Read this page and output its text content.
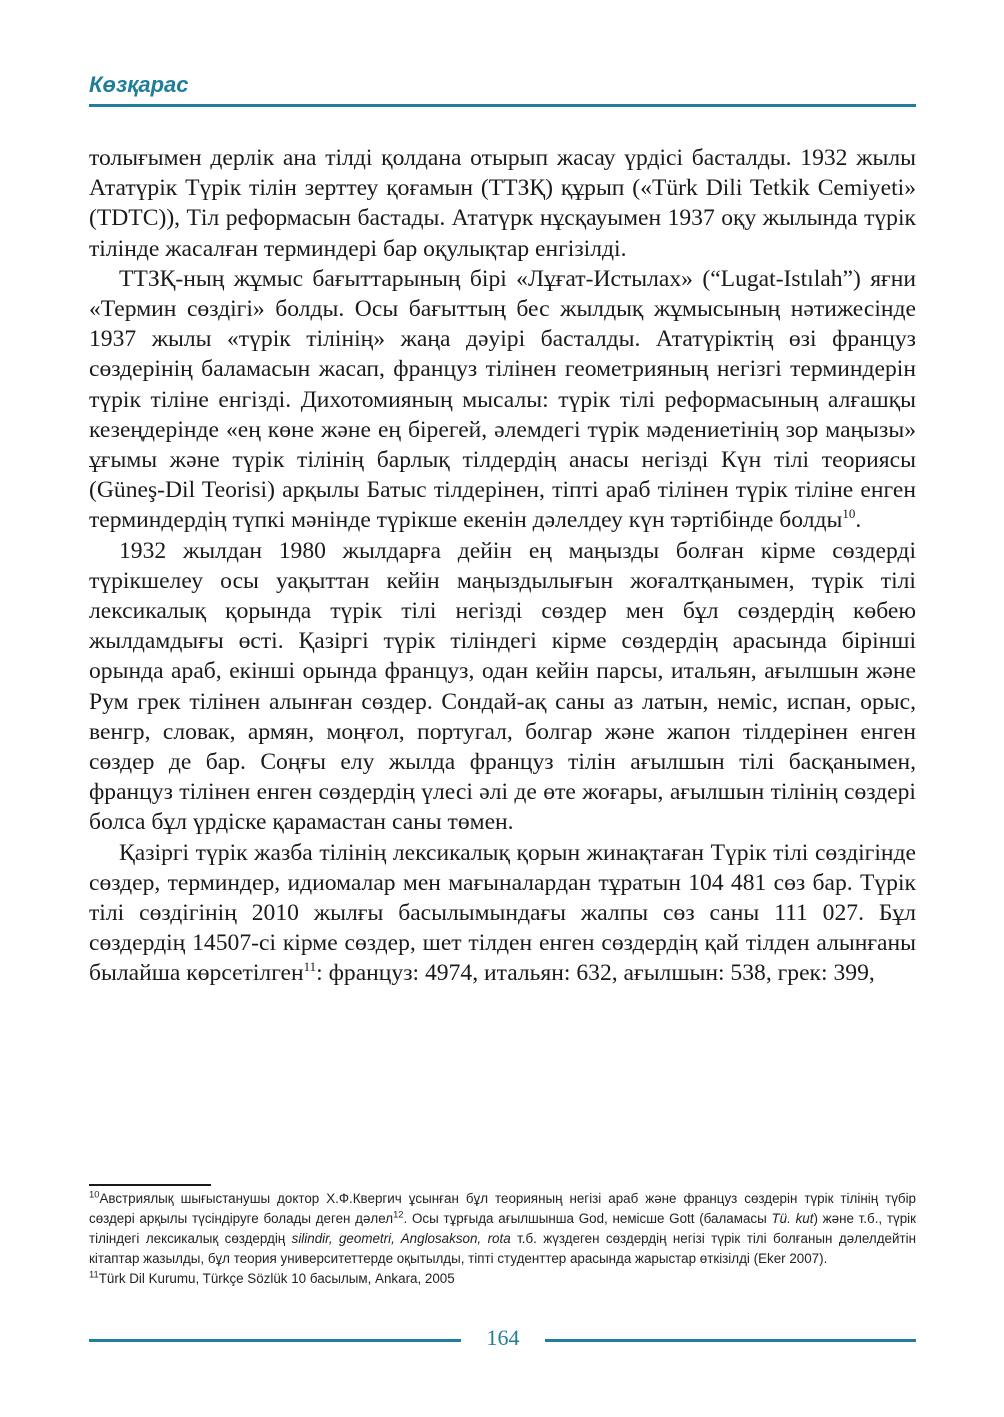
Көзқарас

толығымен дерлік ана тілді қолдана отырып жасау үрдісі басталды. 1932 жылы Ататүрік Түрік тілін зерттеу қоғамын (ТТЗҚ) құрып («Türk Dili Tetkik Cemiyeti» (TDTC)), Тіл реформасын бастады. Ататүрк нұсқауымен 1937 оқу жылында түрік тілінде жасалған терминдері бар оқулықтар енгізілді.

ТТЗҚ-ның жұмыс бағыттарының бірі «Лұғат-Истылах» (“Lugat-Istılah”) яғни «Термин сөздігі» болды. Осы бағыттың бес жылдық жұмысының нәтижесінде 1937 жылы «түрік тілінің» жаңа дәуірі басталды. Ататүріктің өзі француз сөздерінің баламасын жасап, француз тілінен геометрияның негізгі терминдерін түрік тіліне енгізді. Дихотомияның мысалы: түрік тілі реформасының алғашқы кезеңдерінде «ең көне және ең бірегей, әлемдегі түрік мәдениетінің зор маңызы» ұғымы және түрік тілінің барлық тілдердің анасы негізді Күн тілі теориясы (Güneş-Dil Teorisi) арқылы Батыс тілдерінен, тіпті араб тілінен түрік тіліне енген терминдердің түпкі мәнінде түрікше екенін дәлелдеу күн тәртібінде болды$^{10}$.

1932 жылдан 1980 жылдарға дейін ең маңызды болған кірме сөздерді түрікшелеу осы уақыттан кейін маңыздылығын жоғалтқанымен, түрік тілі лексикалық қорында түрік тілі негізді сөздер мен бұл сөздердің көбею жылдамдығы өсті. Қазіргі түрік тіліндегі кірме сөздердің арасында бірінші орында араб, екінші орында француз, одан кейін парсы, итальян, ағылшын және Рум грек тілінен алынған сөздер. Сондай-ақ саны аз латын, неміс, испан, орыс, венгр, словак, армян, моңғол, португал, болгар және жапон тілдерінен енген сөздер де бар. Соңғы елу жылда француз тілін ағылшын тілі басқанымен, француз тілінен енген сөздердің үлесі әлі де өте жоғары, ағылшын тілінің сөздері болса бұл үрдіске қарамастан саны төмен.

Қазіргі түрік жазба тілінің лексикалық қорын жинақтаған Түрік тілі сөздігінде сөздер, терминдер, идиомалар мен мағыналардан тұратын 104 481 сөз бар. Түрік тілі сөздігінің 2010 жылғы басылымындағы жалпы сөз саны 111 027. Бұл сөздердің 14507-сі кірме сөздер, шет тілден енген сөздердің қай тілден алынғаны былайша көрсетілген$^{11}$: француз: 4974, итальян: 632, ағылшын: 538, грек: 399,

$^{10}$Австриялық шығыстанушы доктор Х.Ф.Квергич ұсынған бұл теорияның негізі араб және француз сөздерін түрік тілінің түбір сөздері арқылы түсіндіруге болады деген дәлел$^{12}$. Осы тұрғыда ағылшынша God, немісше Gott (баламасы Tü. kut) және т.б., түрік тіліндегі лексикалық сөздердің silindir, geometri, Anglosakson, rota т.б. жүздеген сөздердің негізі түрік тілі болғанын дәлелдейтін кітаптар жазылды, бұл теория университеттерде оқытылды, тіпті студенттер арасында жарыстар өткізілді (Eker 2007).

$^{11}$Türk Dil Kurumu, Türkçe Sözlük 10 басылым, Ankara, 2005

164
